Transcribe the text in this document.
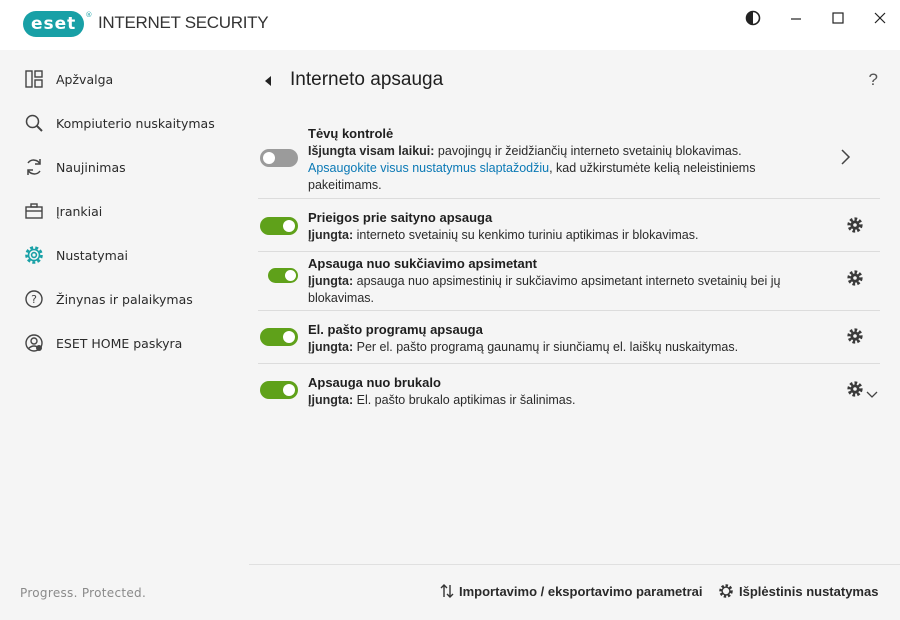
eset	® INTERNET SECURITY
Apžvalga
Kompiuterio nuskaitymas
Naujinimas
Įrankiai
Nustatymai
? Žinynas ir palaikymas
ESET HOME paskyra
Progress. Protected.
Interneto apsauga	?
Tėvų kontrolė
Išjungta visam laikui: pavojingų ir žeidžiančių interneto svetainių blokavimas.
Apsaugokite visus nustatymus slaptažodžiu, kad užkirstumėte kelią neleistiniems pakeitimams.
Prieigos prie saityno apsauga
Įjungta: interneto svetainių su kenkimo turiniu aptikimas ir blokavimas.
Apsauga nuo sukčiavimo apsimetant
Įjungta: apsauga nuo apsimestinių ir sukčiavimo apsimetant interneto svetainių bei jų blokavimas.
El. pašto programų apsauga
Įjungta: Per el. pašto programą gaunamų ir siunčiamų el. laiškų nuskaitymas.
Apsauga nuo brukalo
Įjungta: El. pašto brukalo aptikimas ir šalinimas.
Importavimo / eksportavimo parametrai	Išplėstinis nustatymas
